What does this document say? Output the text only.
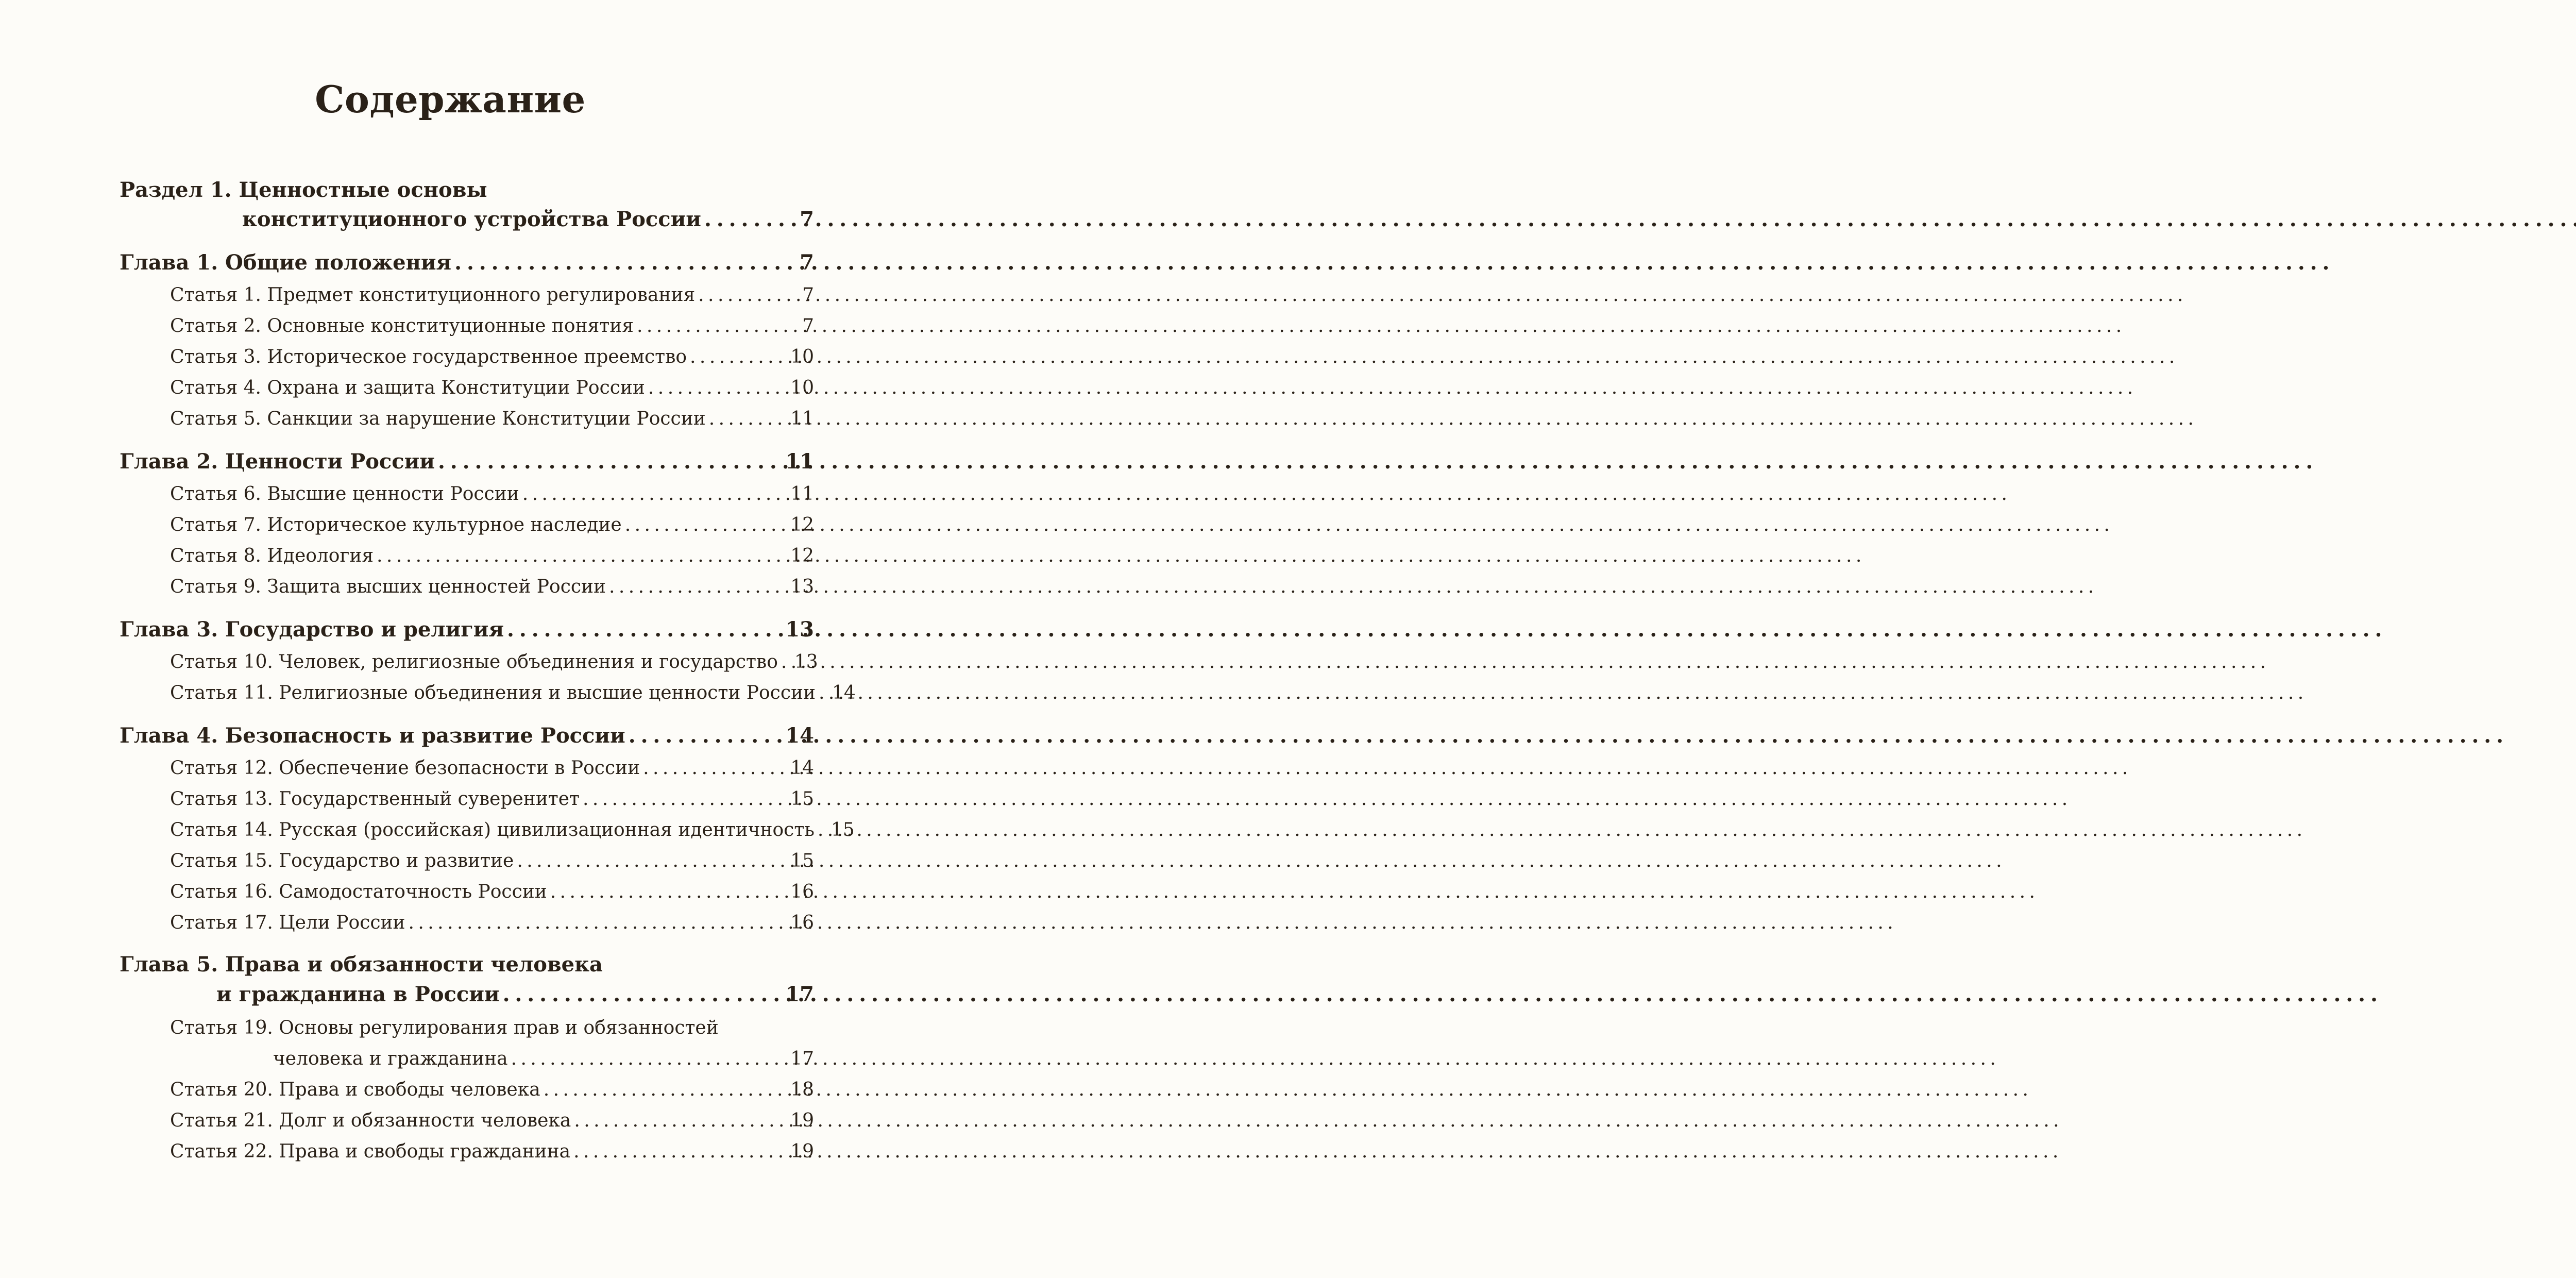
Содержание
Раздел 1. Ценностные основы
конституционного устройства России . . .	7
Глава 1. Общие положения . . .	7
Статья 1. Предмет конституционного регулирования . . .	7
Статья 2. Основные конституционные понятия . . .	7
Статья 3. Историческое государственное преемство . . .	10
Статья 4. Охрана и защита Конституции России . . .	10
Статья 5. Санкции за нарушение Конституции России . . .	11
Глава 2. Ценности России . . .	11
Статья 6. Высшие ценности России . . .	11
Статья 7. Историческое культурное наследие . . .	12
Статья 8. Идеология . . .	12
Статья 9. Защита высших ценностей России . . .	13
Глава 3. Государство и религия . . .	13
Статья 10. Человек, религиозные объединения и государство . . . 13
Статья 11. Религиозные объединения и высшие ценности России . . . 14
Глава 4. Безопасность и развитие России . . .	14
Статья 12. Обеспечение безопасности в России . . .	14
Статья 13. Государственный суверенитет . . .	15
Статья 14. Русская (российская) цивилизационная идентичность . . . 15
Статья 15. Государство и развитие . . .	15
Статья 16. Самодостаточность России . . .	16
Статья 17. Цели России . . .	16
Глава 5. Права и обязанности человека
и гражданина в России . . .	17
Статья 19. Основы регулирования прав и обязанностей
человека и гражданина . . .	17
Статья 20. Права и свободы человека . . .	18
Статья 21. Долг и обязанности человека . . .	19
Статья 22. Права и свободы гражданина . . .	19
